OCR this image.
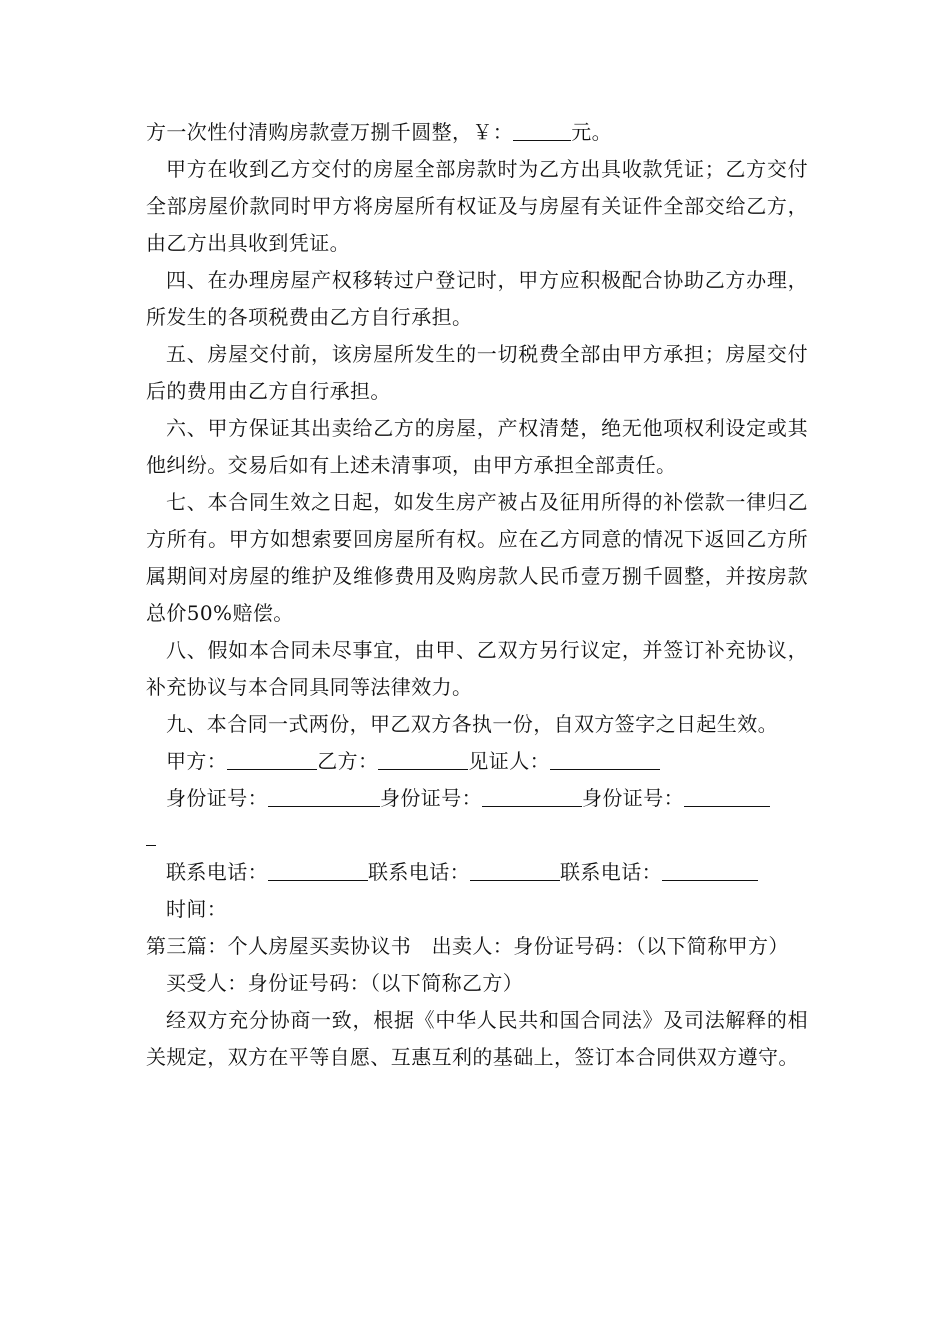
方一次性付清购房款壹万捌千圆整，￥：	元。

甲方在收到乙方交付的房屋全部房款时为乙方出具收款凭证；乙方交付全部房屋价款同时甲方将房屋所有权证及与房屋有关证件全部交给乙方，由乙方出具收到凭证。

四、在办理房屋产权移转过户登记时，甲方应积极配合协助乙方办理，所发生的各项税费由乙方自行承担。

五、房屋交付前，该房屋所发生的一切税费全部由甲方承担；房屋交付后的费用由乙方自行承担。

六、甲方保证其出卖给乙方的房屋，产权清楚，绝无他项权利设定或其他纠纷。交易后如有上述未清事项，由甲方承担全部责任。

七、本合同生效之日起，如发生房产被占及征用所得的补偿款一律归乙方所有。甲方如想索要回房屋所有权。应在乙方同意的情况下返回乙方所属期间对房屋的维护及维修费用及购房款人民币壹万捌千圆整，并按房款总价50%赔偿。

八、假如本合同未尽事宜，由甲、乙双方另行议定，并签订补充协议，补充协议与本合同具同等法律效力。

九、本合同一式两份，甲乙双方各执一份，自双方签字之日起生效。

甲方：	乙方：	见证人：

身份证号：	身份证号：	身份证号：

联系电话：	联系电话：	联系电话：

时间：

第三篇：个人房屋买卖协议书　出卖人：身份证号码：（以下简称甲方）

买受人：身份证号码：（以下简称乙方）

经双方充分协商一致，根据《中华人民共和国合同法》及司法解释的相关规定，双方在平等自愿、互惠互利的基础上，签订本合同供双方遵守。
